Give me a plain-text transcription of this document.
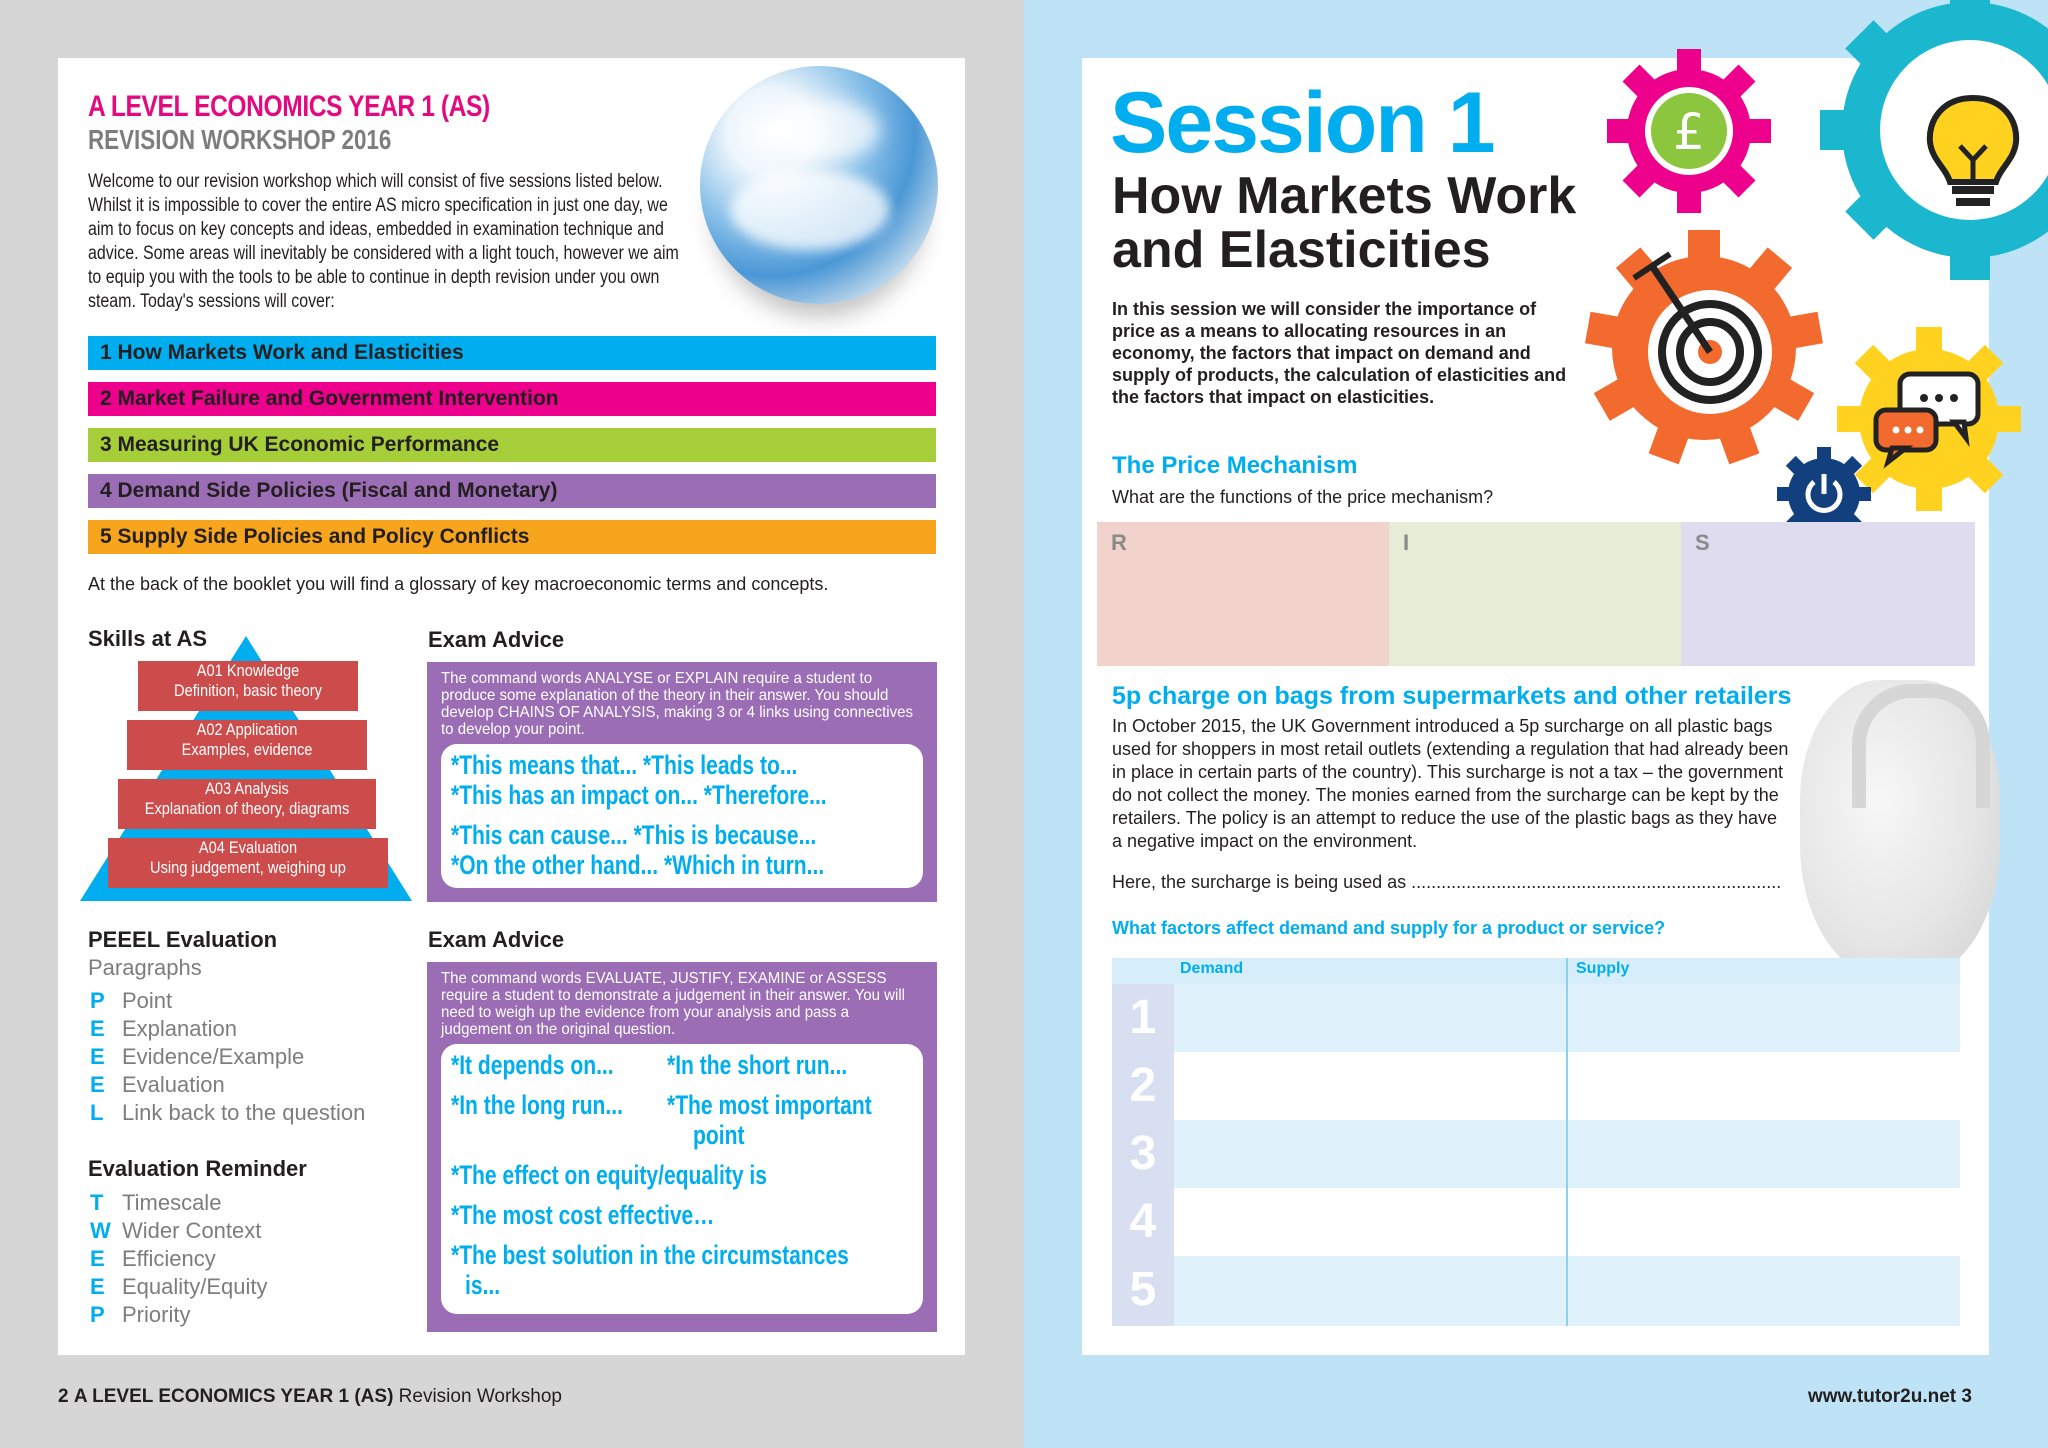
A LEVEL ECONOMICS YEAR 1 (AS)
REVISION WORKSHOP 2016
Welcome to our revision workshop which will consist of five sessions listed below. Whilst it is impossible to cover the entire AS micro specification in just one day, we aim to focus on key concepts and ideas, embedded in examination technique and advice. Some areas will inevitably be considered with a light touch, however we aim to equip you with the tools to be able to continue in depth revision under you own steam. Today's sessions will cover:
1 How Markets Work and Elasticities
2 Market Failure and Government Intervention
3 Measuring UK Economic Performance
4 Demand Side Policies (Fiscal and Monetary)
5 Supply Side Policies and Policy Conflicts
At the back of the booklet you will find a glossary of key macroeconomic terms and concepts.
Skills at AS
A01 Knowledge
Definition, basic theory
A02 Application
Examples, evidence
A03 Analysis
Explanation of theory, diagrams
A04 Evaluation
Using judgement, weighing up
Exam Advice
The command words ANALYSE or EXPLAIN require a student to produce some explanation of the theory in their answer. You should develop CHAINS OF ANALYSIS, making 3 or 4 links using connectives to develop your point.
*This means that... *This leads to...
*This has an impact on... *Therefore...
*This can cause... *This is because...
*On the other hand... *Which in turn...
Exam Advice
The command words EVALUATE, JUSTIFY, EXAMINE or ASSESS require a student to demonstrate a judgement in their answer. You will need to weigh up the evidence from your analysis and pass a judgement on the original question.
*It depends on... *In the short run...
*In the long run... *The most important
point
*The effect on equity/equality is
*The most cost effective…
*The best solution in the circumstances
is...
PEEEL Evaluation
Paragraphs
P Point
E Explanation
E Evidence/Example
E Evaluation
L Link back to the question
Evaluation Reminder
T Timescale
W Wider Context
E Efficiency
E Equality/Equity
P Priority
2 A LEVEL ECONOMICS YEAR 1 (AS) Revision Workshop
£
Session 1
How Markets Work
and Elasticities
In this session we will consider the importance of price as a means to allocating resources in an economy, the factors that impact on demand and supply of products, the calculation of elasticities and the factors that impact on elasticities.
The Price Mechanism
What are the functions of the price mechanism?
R	I	S
5p charge on bags from supermarkets and other retailers
In October 2015, the UK Government introduced a 5p surcharge on all plastic bags used for shoppers in most retail outlets (extending a regulation that had already been in place in certain parts of the country). This surcharge is not a tax – the government do not collect the money. The monies earned from the surcharge can be kept by the retailers. The policy is an attempt to reduce the use of the plastic bags as they have a negative impact on the environment.
Here, the surcharge is being used as ..........................................................................
What factors affect demand and supply for a product or service?
Demand	Supply
1
2
3
4
5
www.tutor2u.net 3
